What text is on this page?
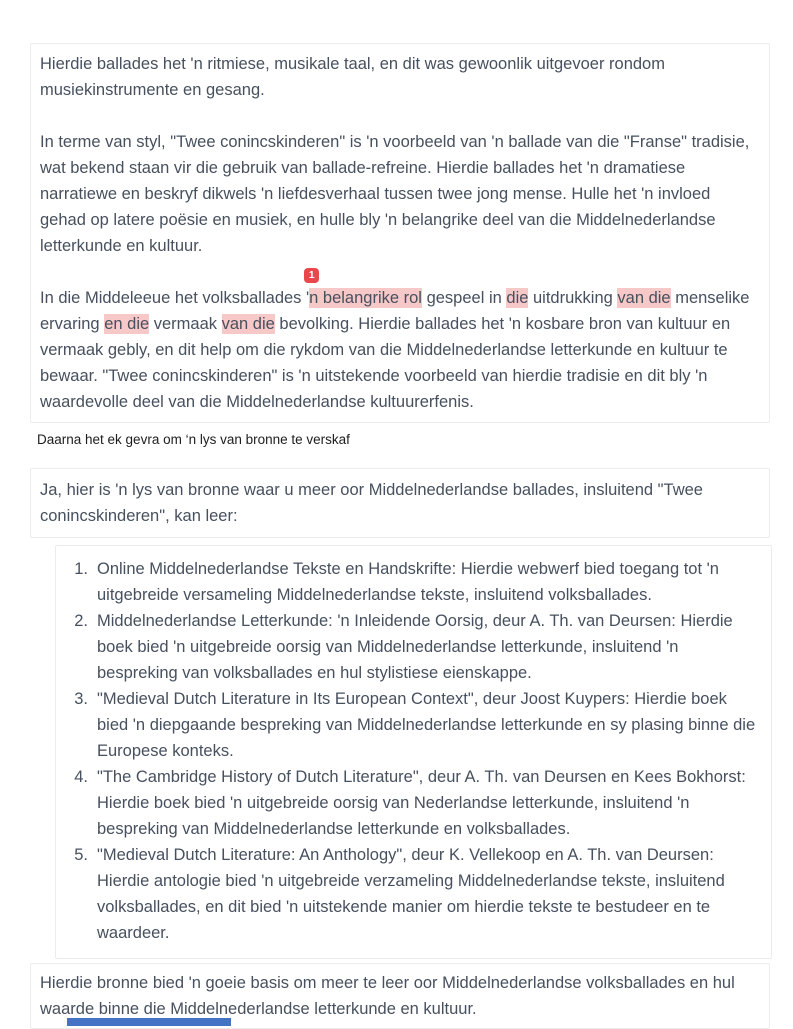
Hierdie ballades het 'n ritmiese, musikale taal, en dit was gewoonlik uitgevoer rondom musiekinstrumente en gesang.

In terme van styl, "Twee conincskinderen" is 'n voorbeeld van 'n ballade van die "Franse" tradisie, wat bekend staan vir die gebruik van ballade-refreine. Hierdie ballades het 'n dramatiese narratiewe en beskryf dikwels 'n liefdesverhaal tussen twee jong mense. Hulle het 'n invloed gehad op latere poësie en musiek, en hulle bly 'n belangrike deel van die Middelnederlandse letterkunde en kultuur.

In die Middeleeue het volksballades '
1
n belangrike rol gespeel in die uitdrukking van die menselike ervaring en die vermaak van die bevolking. Hierdie ballades het 'n kosbare bron van kultuur en vermaak gebly, en dit help om die rykdom van die Middelnederlandse letterkunde en kultuur te bewaar. "Twee conincskinderen" is 'n uitstekende voorbeeld van hierdie tradisie en dit bly 'n waardevolle deel van die Middelnederlandse kultuurerfenis.

Daarna het ek gevra om ‘n lys van bronne te verskaf

Ja, hier is 'n lys van bronne waar u meer oor Middelnederlandse ballades, insluitend "Twee conincskinderen", kan leer:

1. Online Middelnederlandse Tekste en Handskrifte: Hierdie webwerf bied toegang tot 'n uitgebreide versameling Middelnederlandse tekste, insluitend volksballades.
2. Middelnederlandse Letterkunde: 'n Inleidende Oorsig, deur A. Th. van Deursen: Hierdie boek bied 'n uitgebreide oorsig van Middelnederlandse letterkunde, insluitend 'n bespreking van volksballades en hul stylistiese eienskappe.
3. "Medieval Dutch Literature in Its European Context", deur Joost Kuypers: Hierdie boek bied 'n diepgaande bespreking van Middelnederlandse letterkunde en sy plasing binne die Europese konteks.
4. "The Cambridge History of Dutch Literature", deur A. Th. van Deursen en Kees Bokhorst: Hierdie boek bied 'n uitgebreide oorsig van Nederlandse letterkunde, insluitend 'n bespreking van Middelnederlandse letterkunde en volksballades.
5. "Medieval Dutch Literature: An Anthology", deur K. Vellekoop en A. Th. van Deursen: Hierdie antologie bied 'n uitgebreide verzameling Middelnederlandse tekste, insluitend volksballades, en dit bied 'n uitstekende manier om hierdie tekste te bestudeer en te waardeer.

Hierdie bronne bied 'n goeie basis om meer te leer oor Middelnederlandse volksballades en hul waarde binne die Middelnederlandse letterkunde en kultuur.
